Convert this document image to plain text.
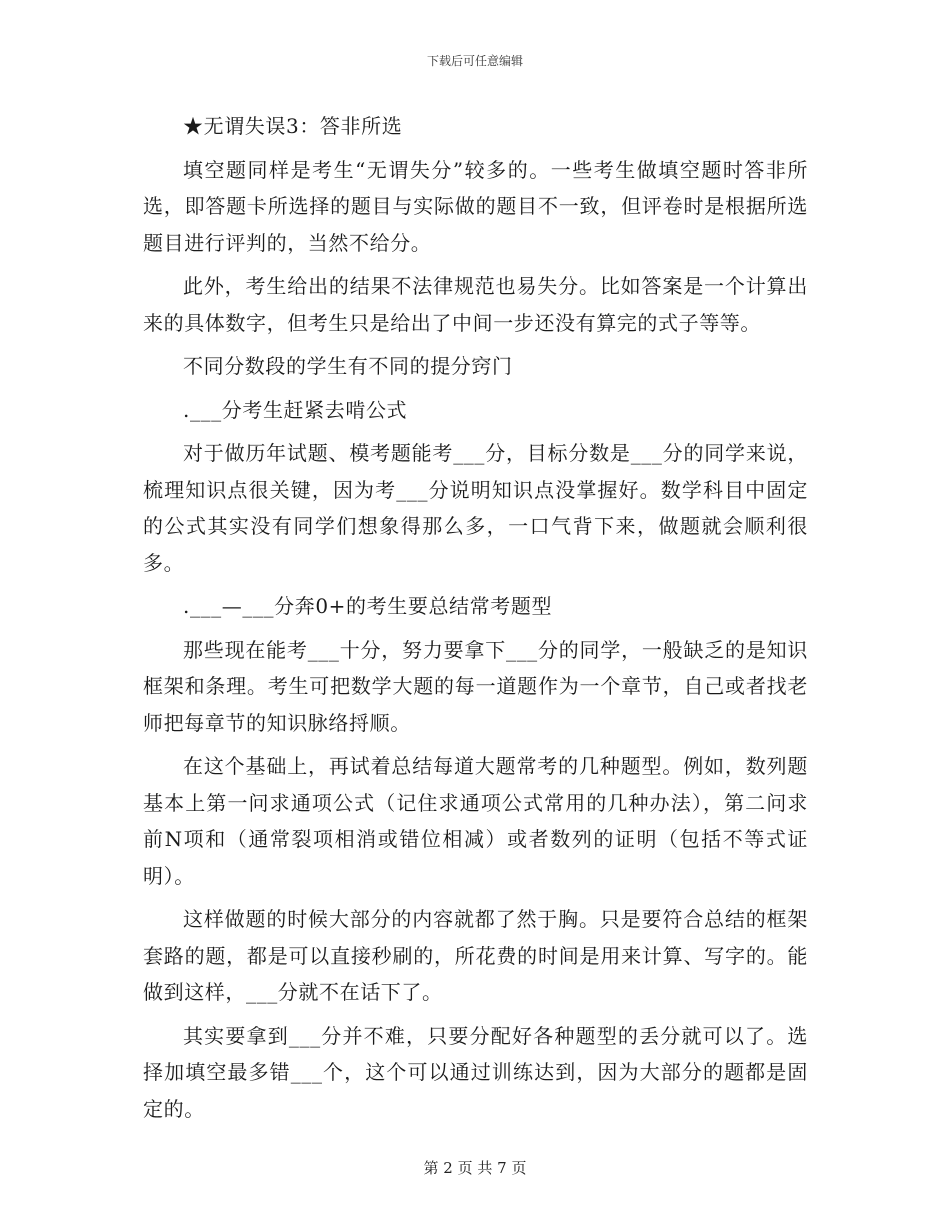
下载后可任意编辑

★无谓失误3：答非所选

填空题同样是考生“无谓失分”较多的。一些考生做填空题时答非所选，即答题卡所选择的题目与实际做的题目不一致，但评卷时是根据所选题目进行评判的，当然不给分。

此外，考生给出的结果不法律规范也易失分。比如答案是一个计算出来的具体数字，但考生只是给出了中间一步还没有算完的式子等等。

不同分数段的学生有不同的提分窍门

.___分考生赶紧去啃公式

对于做历年试题、模考题能考___分，目标分数是___分的同学来说，梳理知识点很关键，因为考___分说明知识点没掌握好。数学科目中固定的公式其实没有同学们想象得那么多，一口气背下来，做题就会顺利很多。

.___—___分奔0+的考生要总结常考题型

那些现在能考___十分，努力要拿下___分的同学，一般缺乏的是知识框架和条理。考生可把数学大题的每一道题作为一个章节，自己或者找老师把每章节的知识脉络捋顺。

在这个基础上，再试着总结每道大题常考的几种题型。例如，数列题基本上第一问求通项公式（记住求通项公式常用的几种办法），第二问求前N项和（通常裂项相消或错位相减）或者数列的证明（包括不等式证明）。

这样做题的时候大部分的内容就都了然于胸。只是要符合总结的框架套路的题，都是可以直接秒刷的，所花费的时间是用来计算、写字的。能做到这样，___分就不在话下了。

其实要拿到___分并不难，只要分配好各种题型的丢分就可以了。选择加填空最多错___个，这个可以通过训练达到，因为大部分的题都是固定的。

第 2 页 共 7 页
